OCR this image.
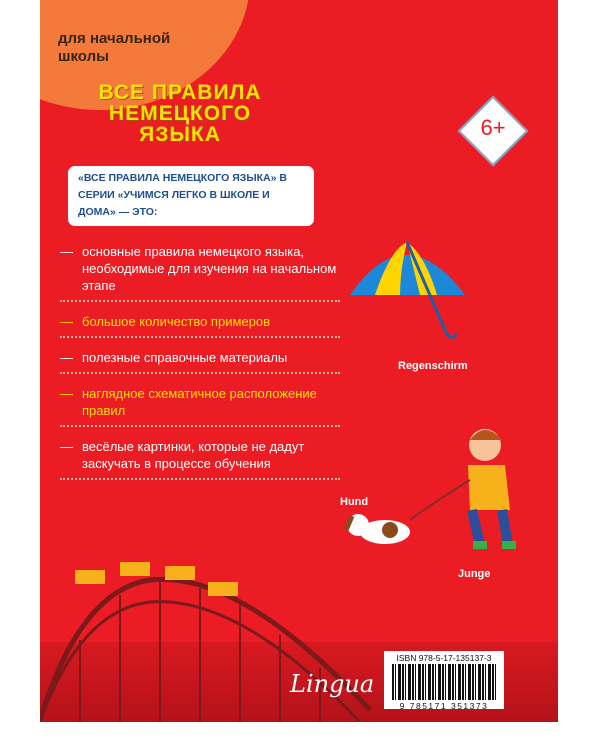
для начальной школы
ВСЕ ПРАВИЛА
НЕМЕЦКОГО
ЯЗЫКА	6+
«ВСЕ ПРАВИЛА НЕМЕЦКОГО ЯЗЫКА» В СЕРИИ «УЧИМСЯ ЛЕГКО В ШКОЛЕ И ДОМА» — ЭТО:
— основные правила немецкого языка, необходимые для изучения на начальном этапе
— большое количество примеров
— полезные справочные материалы
— наглядное схематичное расположение правил
— весёлые картинки, которые не дадут заскучать в процессе обучения
Regenschirm
Hund
Junge
Lingua
ISBN 978-5-17-135137-3
9 785171 351373
